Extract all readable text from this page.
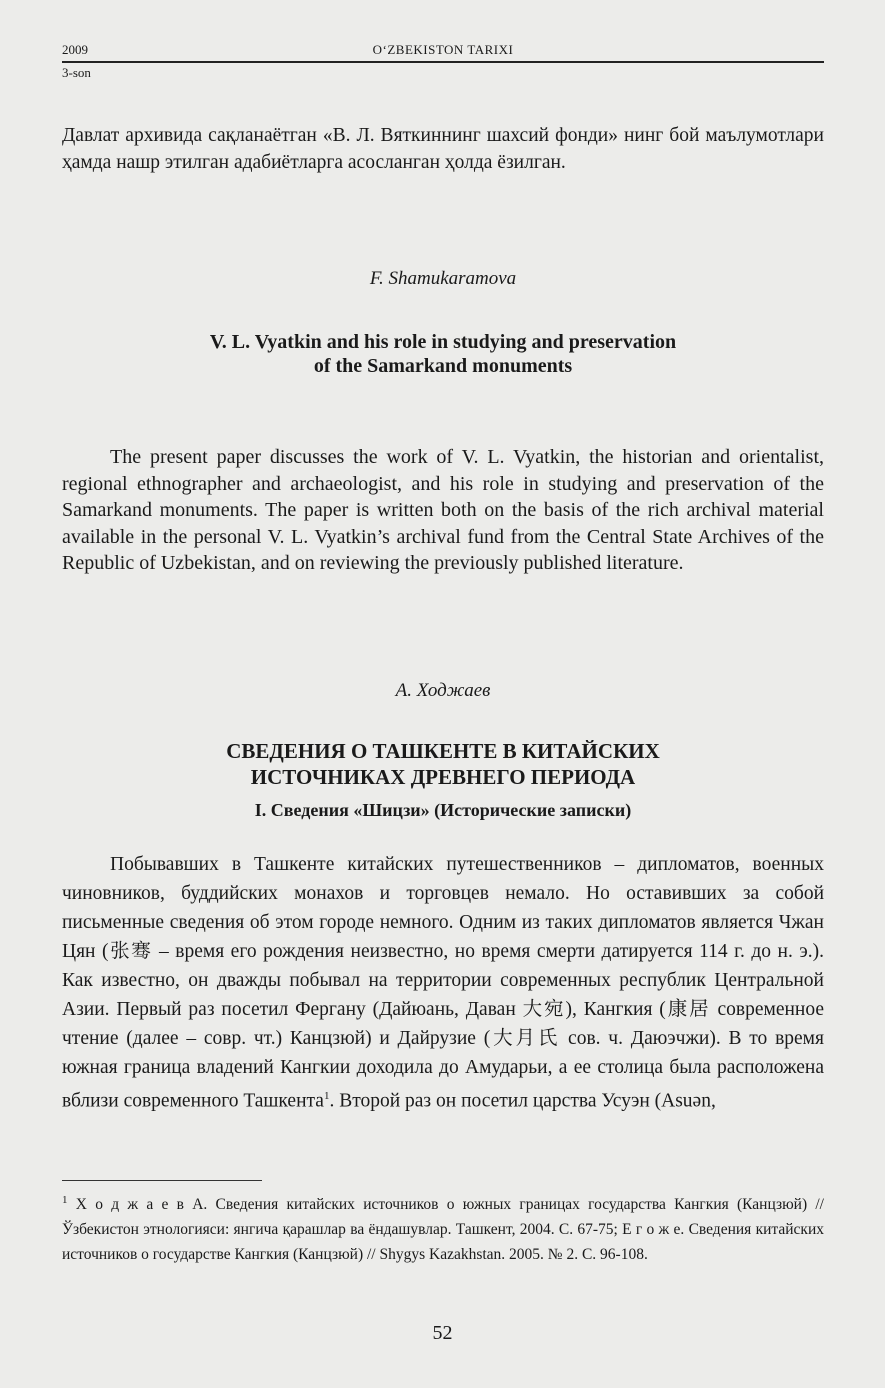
2009	O‘ZBEKISTON TARIXI
3-son
Давлат архивида сақланаётган «В. Л. Вяткиннинг шахсий фонди» нинг бой маълумотлари ҳамда нашр этилган адабиётларга асосланган ҳолда ёзилган.
F. Shamukaramova
V. L. Vyatkin and his role in studying and preservation
of the Samarkand monuments
The present paper discusses the work of V. L. Vyatkin, the historian and orientalist, regional ethnographer and archaeologist, and his role in studying and preservation of the Samarkand monuments. The paper is written both on the basis of the rich archival material available in the personal V. L. Vyatkin’s archival fund from the Central State Archives of the Republic of Uzbekistan, and on reviewing the previously published literature.
А. Ходжаев
СВЕДЕНИЯ О ТАШКЕНТЕ В КИТАЙСКИХ
ИСТОЧНИКАХ ДРЕВНЕГО ПЕРИОДА
I. Сведения «Шицзи» (Исторические записки)
Побывавших в Ташкенте китайских путешественников – дипломатов, военных чиновников, буддийских монахов и торговцев немало. Но оставивших за собой письменные сведения об этом городе немного. Одним из таких дипломатов является Чжан Цян (张骞 – время его рождения неизвестно, но время смерти датируется 114 г. до н. э.). Как известно, он дважды побывал на территории современных республик Центральной Азии. Первый раз посетил Фергану (Дайюань, Даван 大宛), Кангкия (康居 современное чтение (далее – совр. чт.) Канцзюй) и Дайрузие (大月氏 сов. ч. Даюэчжи). В то время южная граница владений Кангкии доходила до Амударьи, а ее столица была расположена вблизи современного Ташкента$^1$. Второй раз он посетил царства Усуэн (Asuən,
$^1$ Х о д ж а е в А. Сведения китайских источников о южных границах государства Кангкия (Канцзюй) // Ўзбекистон этнологияси: янгича қарашлар ва ёндашувлар. Ташкент, 2004. С. 67-75; Е г о ж е. Сведения китайских источников о государстве Кангкия (Канцзюй) // Shygys Kazakhstan. 2005. № 2. С. 96-108.
52
